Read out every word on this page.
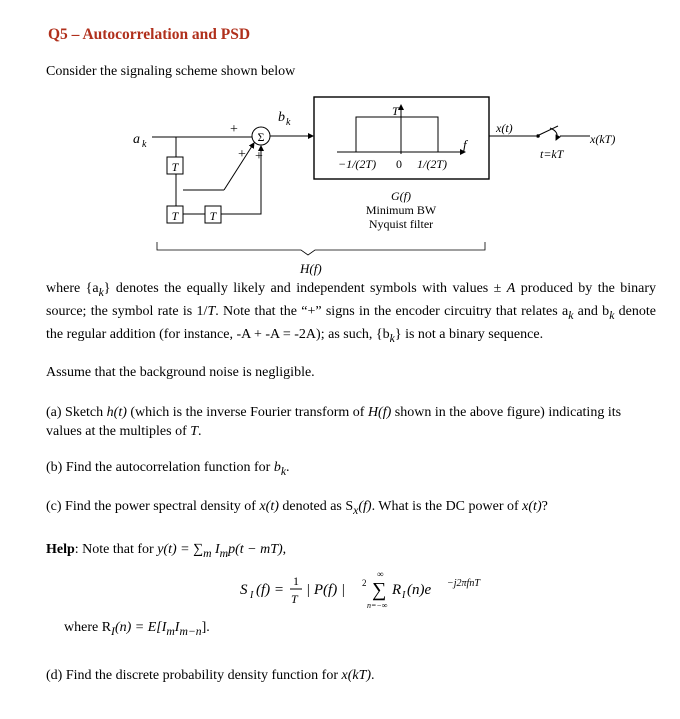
Q5 – Autocorrelation and PSD
Consider the signaling scheme shown below
a k
Σ
+
+ +
T
T	T
b k
T
f
−1/(2T) 0 1/(2T)
G(f)
Minimum BW
Nyquist filter
x(t)
t=kT
x(kT)
H(f)
where $\{a_k\}$ denotes the equally likely and independent symbols with values ± A produced by the binary source; the symbol rate is 1/T. Note that the “+” signs in the encoder circuitry that relates $a_k$ and $b_k$ denote the regular addition (for instance, -A + -A = -2A); as such, $\{b_k\}$ is not a binary sequence.
Assume that the background noise is negligible.
(a) Sketch h(t) (which is the inverse Fourier transform of H(f) shown in the above figure) indicating its values at the multiples of T.
(b) Find the autocorrelation function for $b_k$.
(c) Find the power spectral density of x(t) denoted as $S_x(f)$. What is the DC power of x(t)?
Help: Note that for $y(t) = \sum_m$ $I_mp(t - mT)$,
S I (f) =
1
T
| P(f) | 2
∞
∑
n=−∞
R I (n)e −j2πfnT
where $R_I(n) = E[I_mI_{m-n}]$.
(d) Find the discrete probability density function for x(kT).
